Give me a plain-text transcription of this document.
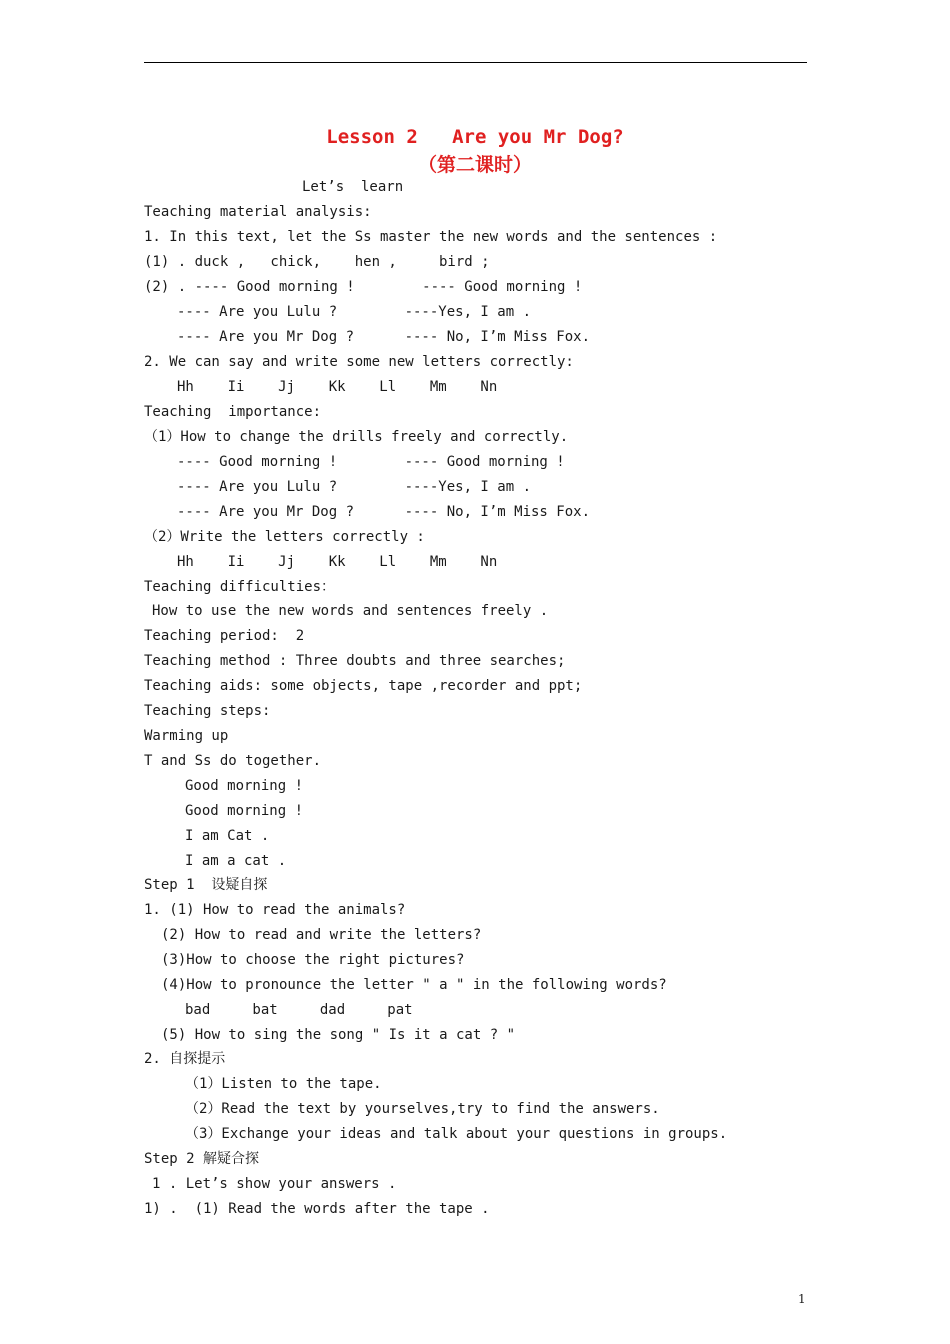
Lesson 2   Are you Mr Dog?
（第二课时）
Let’s  learn
Teaching material analysis:
1. In this text, let the Ss master the new words and the sentences :
(1) . duck ,   chick,    hen ,     bird ;
(2) . ---- Good morning !        ---- Good morning !
---- Are you Lulu ?        ----Yes, I am .
---- Are you Mr Dog ?      ---- No, I’m Miss Fox.
2. We can say and write some new letters correctly:
Hh    Ii    Jj    Kk    Ll    Mm    Nn
Teaching  importance:
（1）How to change the drills freely and correctly.
---- Good morning !        ---- Good morning !
---- Are you Lulu ?        ----Yes, I am .
---- Are you Mr Dog ?      ---- No, I’m Miss Fox.
（2）Write the letters correctly :
Hh    Ii    Jj    Kk    Ll    Mm    Nn
Teaching difficulties：
How to use the new words and sentences freely .
Teaching period:  2
Teaching method : Three doubts and three searches;
Teaching aids: some objects, tape ,recorder and ppt;
Teaching steps:
Warming up
T and Ss do together.
Good morning !
Good morning !
I am Cat .
I am a cat .
Step 1  设疑自探
1. (1) How to read the animals?
(2) How to read and write the letters?
(3)How to choose the right pictures?
(4)How to pronounce the letter " a " in the following words?
bad     bat     dad     pat
(5) How to sing the song " Is it a cat ? "
2. 自探提示
（1）Listen to the tape.
（2）Read the text by yourselves,try to find the answers.
（3）Exchange your ideas and talk about your questions in groups.
Step 2 解疑合探
1 . Let’s show your answers .
1) .  (1) Read the words after the tape .
1
